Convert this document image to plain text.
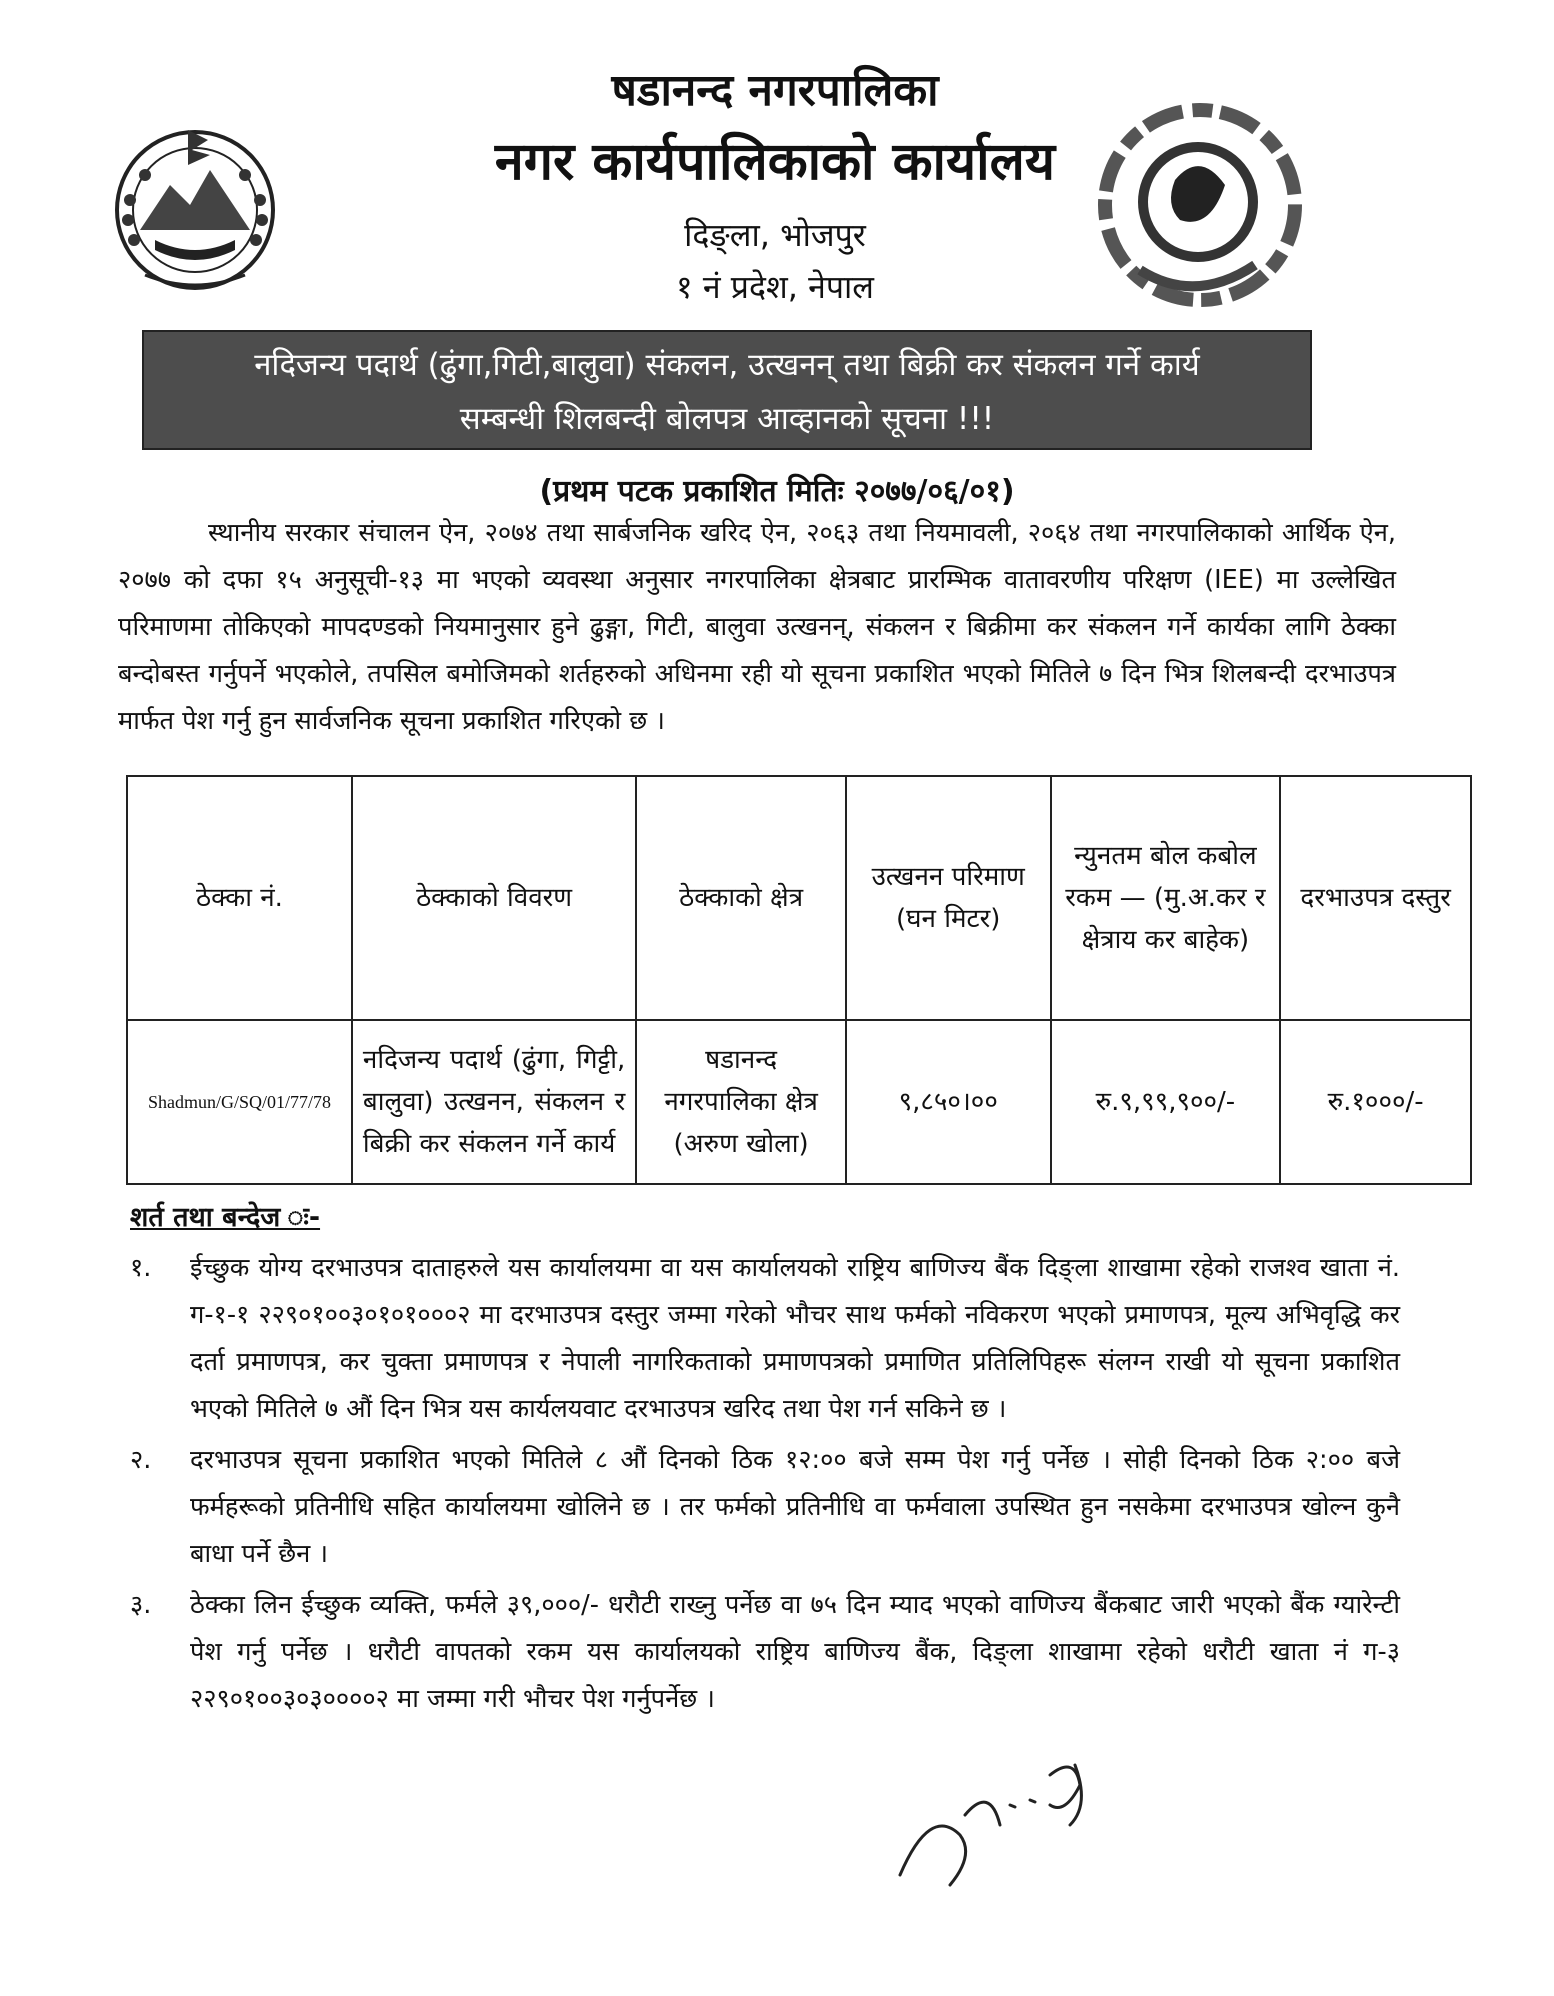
षडानन्द नगरपालिका
नगर कार्यपालिकाको कार्यालय
दिङ्ला, भोजपुर
१ नं प्रदेश, नेपाल
नदिजन्य पदार्थ (ढुंगा,गिटी,बालुवा) संकलन, उत्खनन् तथा बिक्री कर संकलन गर्ने कार्य
सम्बन्धी शिलबन्दी बोलपत्र आव्हानको सूचना !!!
(प्रथम पटक प्रकाशित मितिः २०७७/०६/०१)
स्थानीय सरकार संचालन ऐन, २०७४ तथा सार्बजनिक खरिद ऐन, २०६३ तथा नियमावली, २०६४ तथा नगरपालिकाको आर्थिक ऐन, २०७७ को दफा १५ अनुसूची-१३ मा भएको व्यवस्था अनुसार नगरपालिका क्षेत्रबाट प्रारम्भिक वातावरणीय परिक्षण (IEE) मा उल्लेखित परिमाणमा तोकिएको मापदण्डको नियमानुसार हुने ढुङ्गा, गिटी, बालुवा उत्खनन्, संकलन र बिक्रीमा कर संकलन गर्ने कार्यका लागि ठेक्का बन्दोबस्त गर्नुपर्ने भएकोले, तपसिल बमोजिमको शर्तहरुको अधिनमा रही यो सूचना प्रकाशित भएको मितिले ७ दिन भित्र शिलबन्दी दरभाउपत्र मार्फत पेश गर्नु हुन सार्वजनिक सूचना प्रकाशित गरिएको छ ।
ठेक्का नं.	ठेक्काको विवरण	ठेक्काको क्षेत्र	उत्खनन परिमाण (घन मिटर)	न्युनतम बोल कबोल रकम — (मु.अ.कर र क्षेत्राय कर बाहेक)	दरभाउपत्र दस्तुर
Shadmun/G/SQ/01/77/78	नदिजन्य पदार्थ (ढुंगा, गिट्टी, बालुवा) उत्खनन, संकलन र बिक्री कर संकलन गर्ने कार्य	षडानन्द नगरपालिका क्षेत्र (अरुण खोला)	९,८५०।००	रु.९,९९,९००/-	रु.१०००/-
शर्त तथा बन्देज ः-
१. ईच्छुक योग्य दरभाउपत्र दाताहरुले यस कार्यालयमा वा यस कार्यालयको राष्ट्रिय बाणिज्य बैंक दिङ्ला शाखामा रहेको राजश्व खाता नं. ग-१-१ २२९०१००३०१०१०००२ मा दरभाउपत्र दस्तुर जम्मा गरेको भौचर साथ फर्मको नविकरण भएको प्रमाणपत्र, मूल्य अभिवृद्धि कर दर्ता प्रमाणपत्र, कर चुक्ता प्रमाणपत्र र नेपाली नागरिकताको प्रमाणपत्रको प्रमाणित प्रतिलिपिहरू संलग्न राखी यो सूचना प्रकाशित भएको मितिले ७ औं दिन भित्र यस कार्यलयवाट दरभाउपत्र खरिद तथा पेश गर्न सकिने छ ।
२. दरभाउपत्र सूचना प्रकाशित भएको मितिले ८ औं दिनको ठिक १२:०० बजे सम्म पेश गर्नु पर्नेछ । सोही दिनको ठिक २:०० बजे फर्महरूको प्रतिनीधि सहित कार्यालयमा खोलिने छ । तर फर्मको प्रतिनीधि वा फर्मवाला उपस्थित हुन नसकेमा दरभाउपत्र खोल्न कुनै बाधा पर्ने छैन ।
३. ठेक्का लिन ईच्छुक व्यक्ति, फर्मले ३९,०००/- धरौटी राख्नु पर्नेछ वा ७५ दिन म्याद भएको वाणिज्य बैंकबाट जारी भएको बैंक ग्यारेन्टी पेश गर्नु पर्नेछ । धरौटी वापतको रकम यस कार्यालयको राष्ट्रिय बाणिज्य बैंक, दिङ्ला शाखामा रहेको धरौटी खाता नं ग-३ २२९०१००३०३००००२ मा जम्मा गरी भौचर पेश गर्नुपर्नेछ ।
